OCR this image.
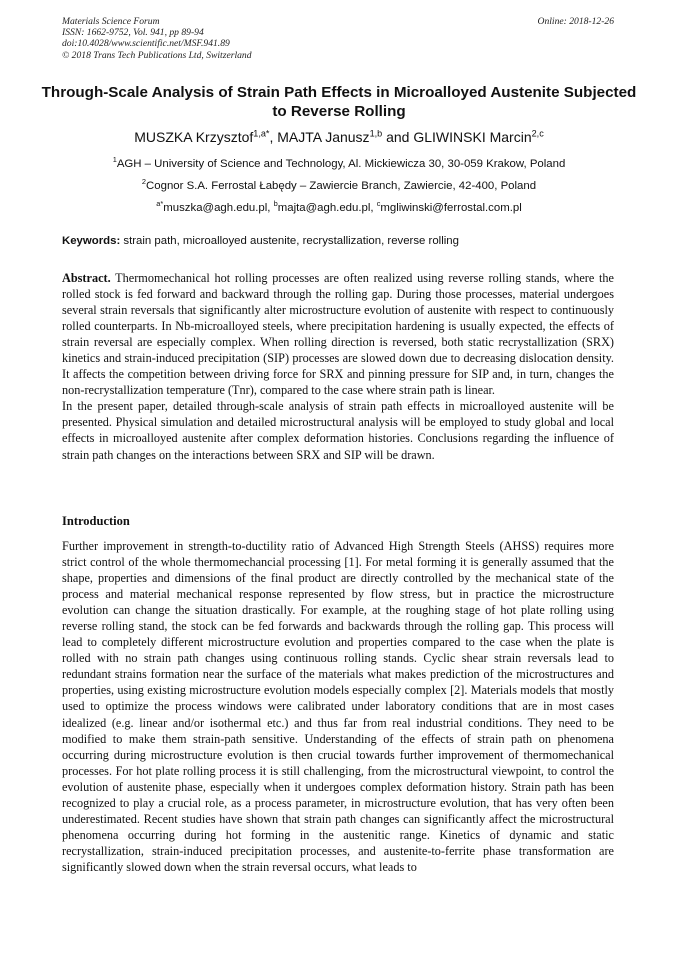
Materials Science Forum
ISSN: 1662-9752, Vol. 941, pp 89-94
doi:10.4028/www.scientific.net/MSF.941.89
© 2018 Trans Tech Publications Ltd, Switzerland
Online: 2018-12-26
Through-Scale Analysis of Strain Path Effects in Microalloyed Austenite Subjected to Reverse Rolling
MUSZKA Krzysztof$^{1,a*}$, MAJTA Janusz$^{1,b}$ and GLIWINSKI Marcin$^{2,c}$
$^1$AGH – University of Science and Technology, Al. Mickiewicza 30, 30-059 Krakow, Poland
$^2$Cognor S.A. Ferrostal Łabędy – Zawiercie Branch, Zawiercie, 42-400, Poland
$^{a*}$muszka@agh.edu.pl, $^b$majta@agh.edu.pl, $^c$mgliwinski@ferrostal.com.pl
Keywords: strain path, microalloyed austenite, recrystallization, reverse rolling

Abstract. Thermomechanical hot rolling processes are often realized using reverse rolling stands, where the rolled stock is fed forward and backward through the rolling gap. During those processes, material undergoes several strain reversals that significantly alter microstructure evolution of austenite with respect to continuously rolled counterparts. In Nb-microalloyed steels, where precipitation hardening is usually expected, the effects of strain reversal are especially complex. When rolling direction is reversed, both static recrystallization (SRX) kinetics and strain-induced precipitation (SIP) processes are slowed down due to decreasing dislocation density. It affects the competition between driving force for SRX and pinning pressure for SIP and, in turn, changes the non-recrystallization temperature (Tnr), compared to the case where strain path is linear.

In the present paper, detailed through-scale analysis of strain path effects in microalloyed austenite will be presented. Physical simulation and detailed microstructural analysis will be employed to study global and local effects in microalloyed austenite after complex deformation histories. Conclusions regarding the influence of strain path changes on the interactions between SRX and SIP will be drawn.

Introduction

Further improvement in strength-to-ductility ratio of Advanced High Strength Steels (AHSS) requires more strict control of the whole thermomechancial processing [1]. For metal forming it is generally assumed that the shape, properties and dimensions of the final product are directly controlled by the mechanical state of the process and material mechanical response represented by flow stress, but in practice the microstructure evolution can change the situation drastically. For example, at the roughing stage of hot plate rolling using reverse rolling stand, the stock can be fed forwards and backwards through the rolling gap. This process will lead to completely different microstructure evolution and properties compared to the case when the plate is rolled with no strain path changes using continuous rolling stands. Cyclic shear strain reversals lead to redundant strains formation near the surface of the materials what makes prediction of the microstructures and properties, using existing microstructure evolution models especially complex [2]. Materials models that mostly used to optimize the process windows were calibrated under laboratory conditions that are in most cases idealized (e.g. linear and/or isothermal etc.) and thus far from real industrial conditions. They need to be modified to make them strain-path sensitive. Understanding of the effects of strain path on phenomena occurring during microstructure evolution is then crucial towards further improvement of thermomechanical processes. For hot plate rolling process it is still challenging, from the microstructural viewpoint, to control the evolution of austenite phase, especially when it undergoes complex deformation history. Strain path has been recognized to play a crucial role, as a process parameter, in microstructure evolution, that has very often been underestimated. Recent studies have shown that strain path changes can significantly affect the microstructural phenomena occurring during hot forming in the austenitic range. Kinetics of dynamic and static recrystallization, strain-induced precipitation processes, and austenite-to-ferrite phase transformation are significantly slowed down when the strain reversal occurs, what leads to
